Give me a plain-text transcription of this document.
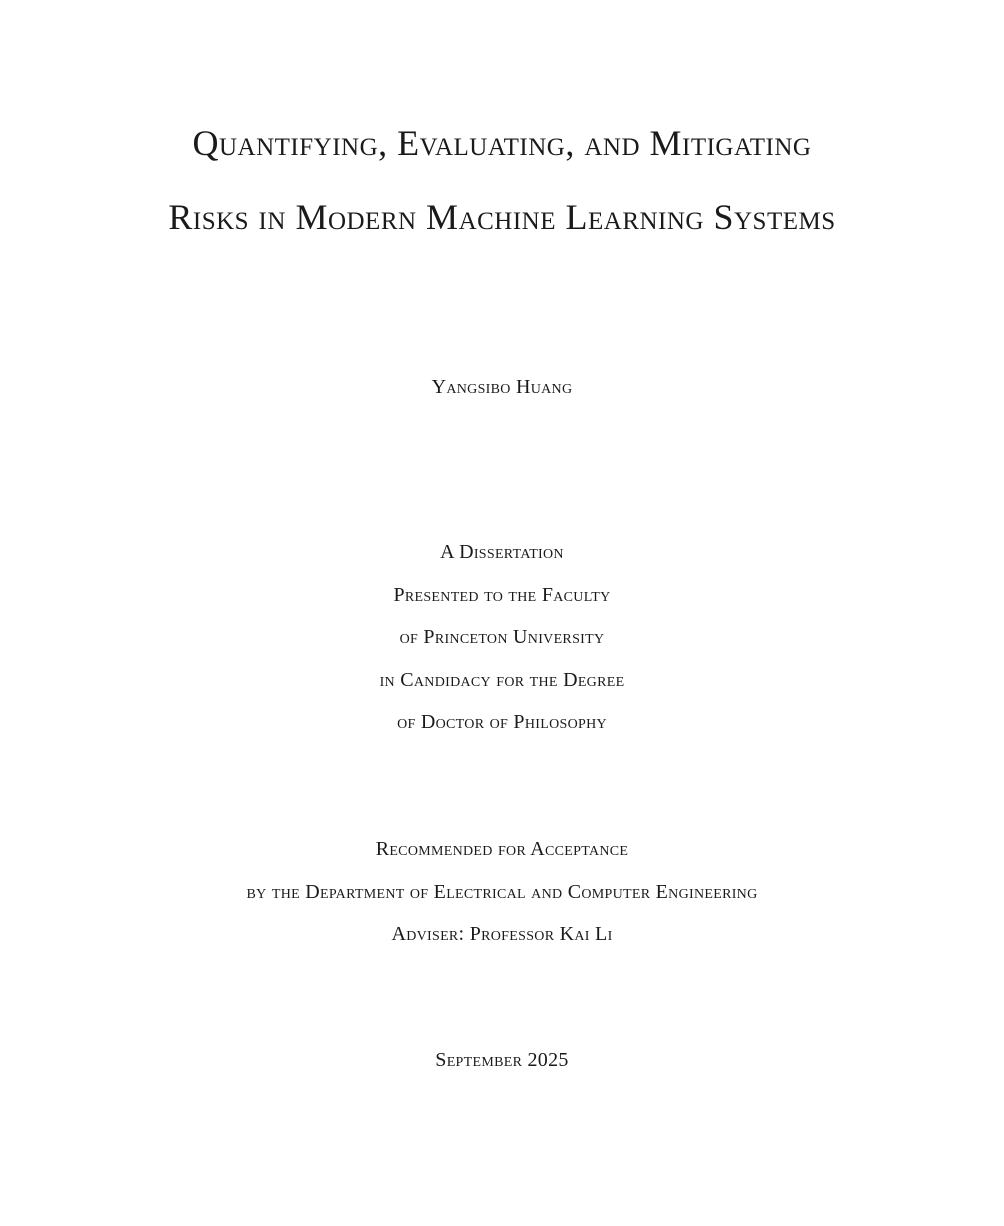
Quantifying, Evaluating, and Mitigating
Risks in Modern Machine Learning Systems
Yangsibo Huang
A Dissertation
Presented to the Faculty
of Princeton University
in Candidacy for the Degree
of Doctor of Philosophy
Recommended for Acceptance
by the Department of Electrical and Computer Engineering
Adviser: Professor Kai Li
September 2025
